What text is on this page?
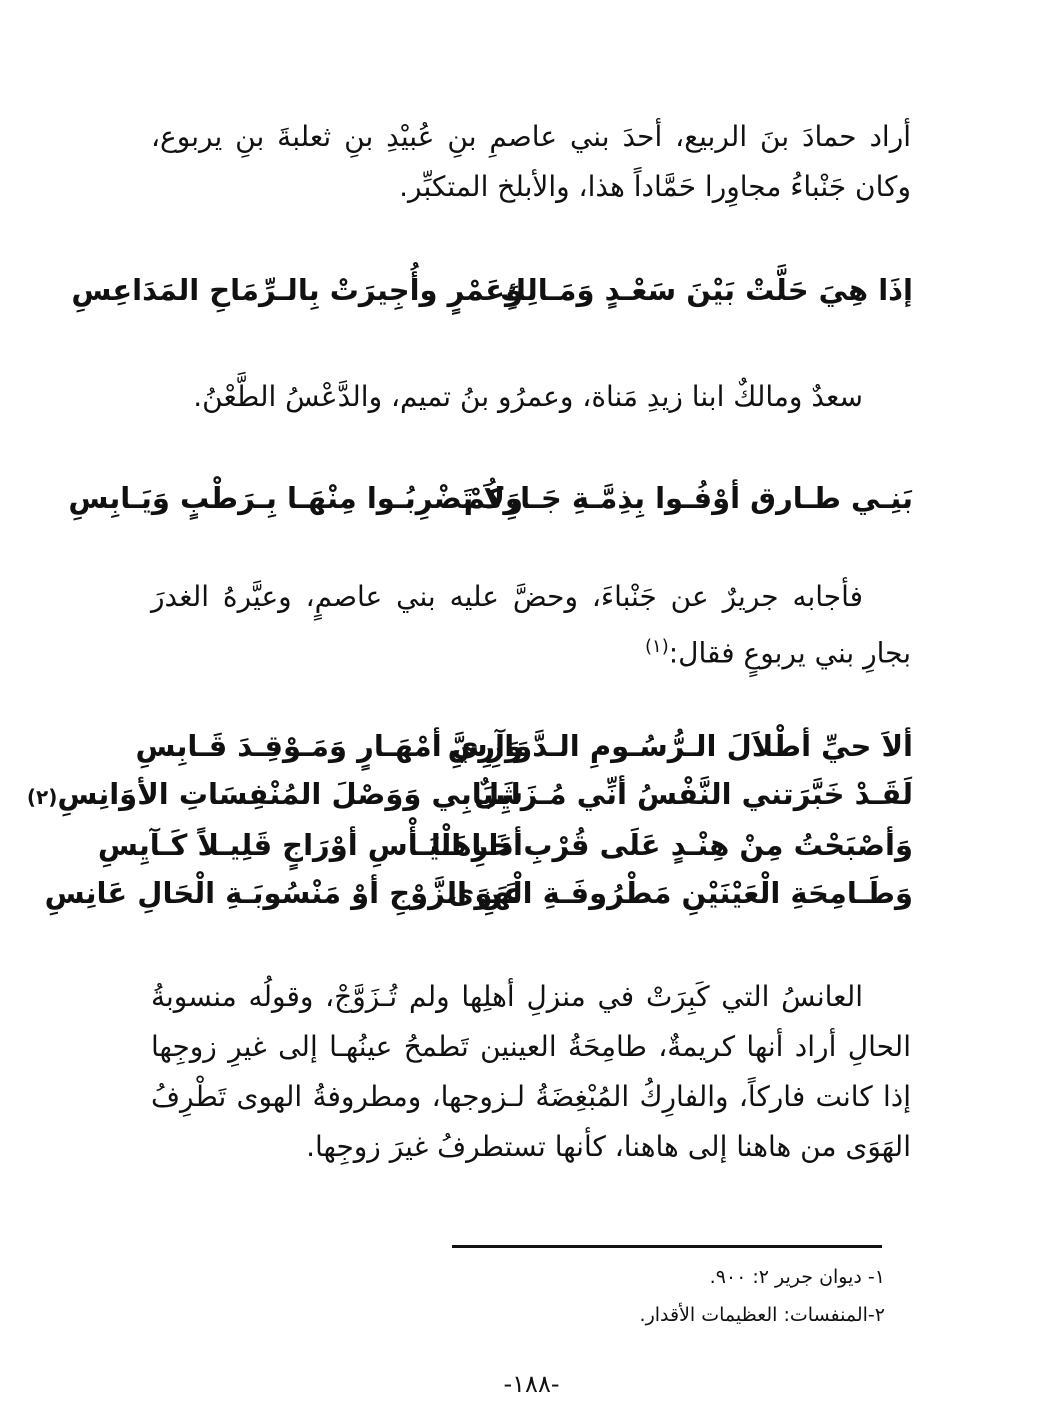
أراد حمادَ بنَ الربيع، أحدَ بني عاصمِ بنِ عُبيْدِ بنِ ثعلبةَ بنِ يربوع، وكان جَنْباءُ مجاوِرا حَمَّاداً هذا، والأبلخ المتكبِّر.

إذَا هِيَ حَلَّتْ بَيْنَ سَعْـدٍ وَمَـالِكٍ
وَعَمْرٍ وأُجِيرَتْ بِالـرِّمَاحِ المَدَاعِسِ

سعدٌ ومالكٌ ابنا زيدِ مَناة، وعمرُو بنُ تميم، والدَّعْسُ الطَّعْنُ.

بَنِـي طـارق أوْفُـوا بِذِمَّـةِ جَـارِكُمْ
وَلاَ تَضْرِبُـوا مِنْهَـا بِـرَطْبٍ وَيَـابِسِ

فأجابه جريرٌ عن جَنْباءَ، وحضَّ عليه بني عاصمٍ، وعيَّرهُ الغدرَ بجارِ بني يربوعٍ فقال:$^{(١)}$

ألاَ حيِّ أطْلاَلَ الـرُّسُـومِ الـدَّوَارِسِ
وَآرِيَّ أمْهَـارٍ وَمَـوْقِـدَ قَـابِسِ
لَقَـدْ خَبَّرَتني النَّفْسُ أنِّي مُـزَايِلٌ
شَبَابِي وَوَصْلَ المُنْفِسَاتِ الأوَانِسِ(٢)
وَأصْبَحْتُ مِنْ هِنْـدٍ عَلَى قُرْبِ دَارِهَـا
أخَـا الْيَـأْسِ أوْرَاجٍ قَلِيـلاً كَـآيِسِ
وَطَـامِحَةِ الْعَيْنَيْنِ مَطْرُوفَـةِ الْهَوَى
عَنِ الزَّوْجِ أوْ مَنْسُوبَـةِ الْحَالِ عَانِسِ

العانسُ التي كَبِرَتْ في منزلِ أهلِها ولم تُـزَوَّجْ، وقولُه منسوبةُ الحالِ أراد أنها كريمةٌ، طامِحَةُ العينين تَطمحُ عينُهـا إلى غيرِ زوجِها إذا كانت فاركاً، والفارِكُ المُبْغِضَةُ لـزوجها، ومطروفةُ الهوى تَطْرِفُ الهَوَى من هاهنا إلى هاهنا، كأنها تستطرفُ غيرَ زوجِها.

١- ديوان جرير ٢: ٩٠٠.
٢-المنفسات: العظيمات الأقدار.
-١٨٨-
